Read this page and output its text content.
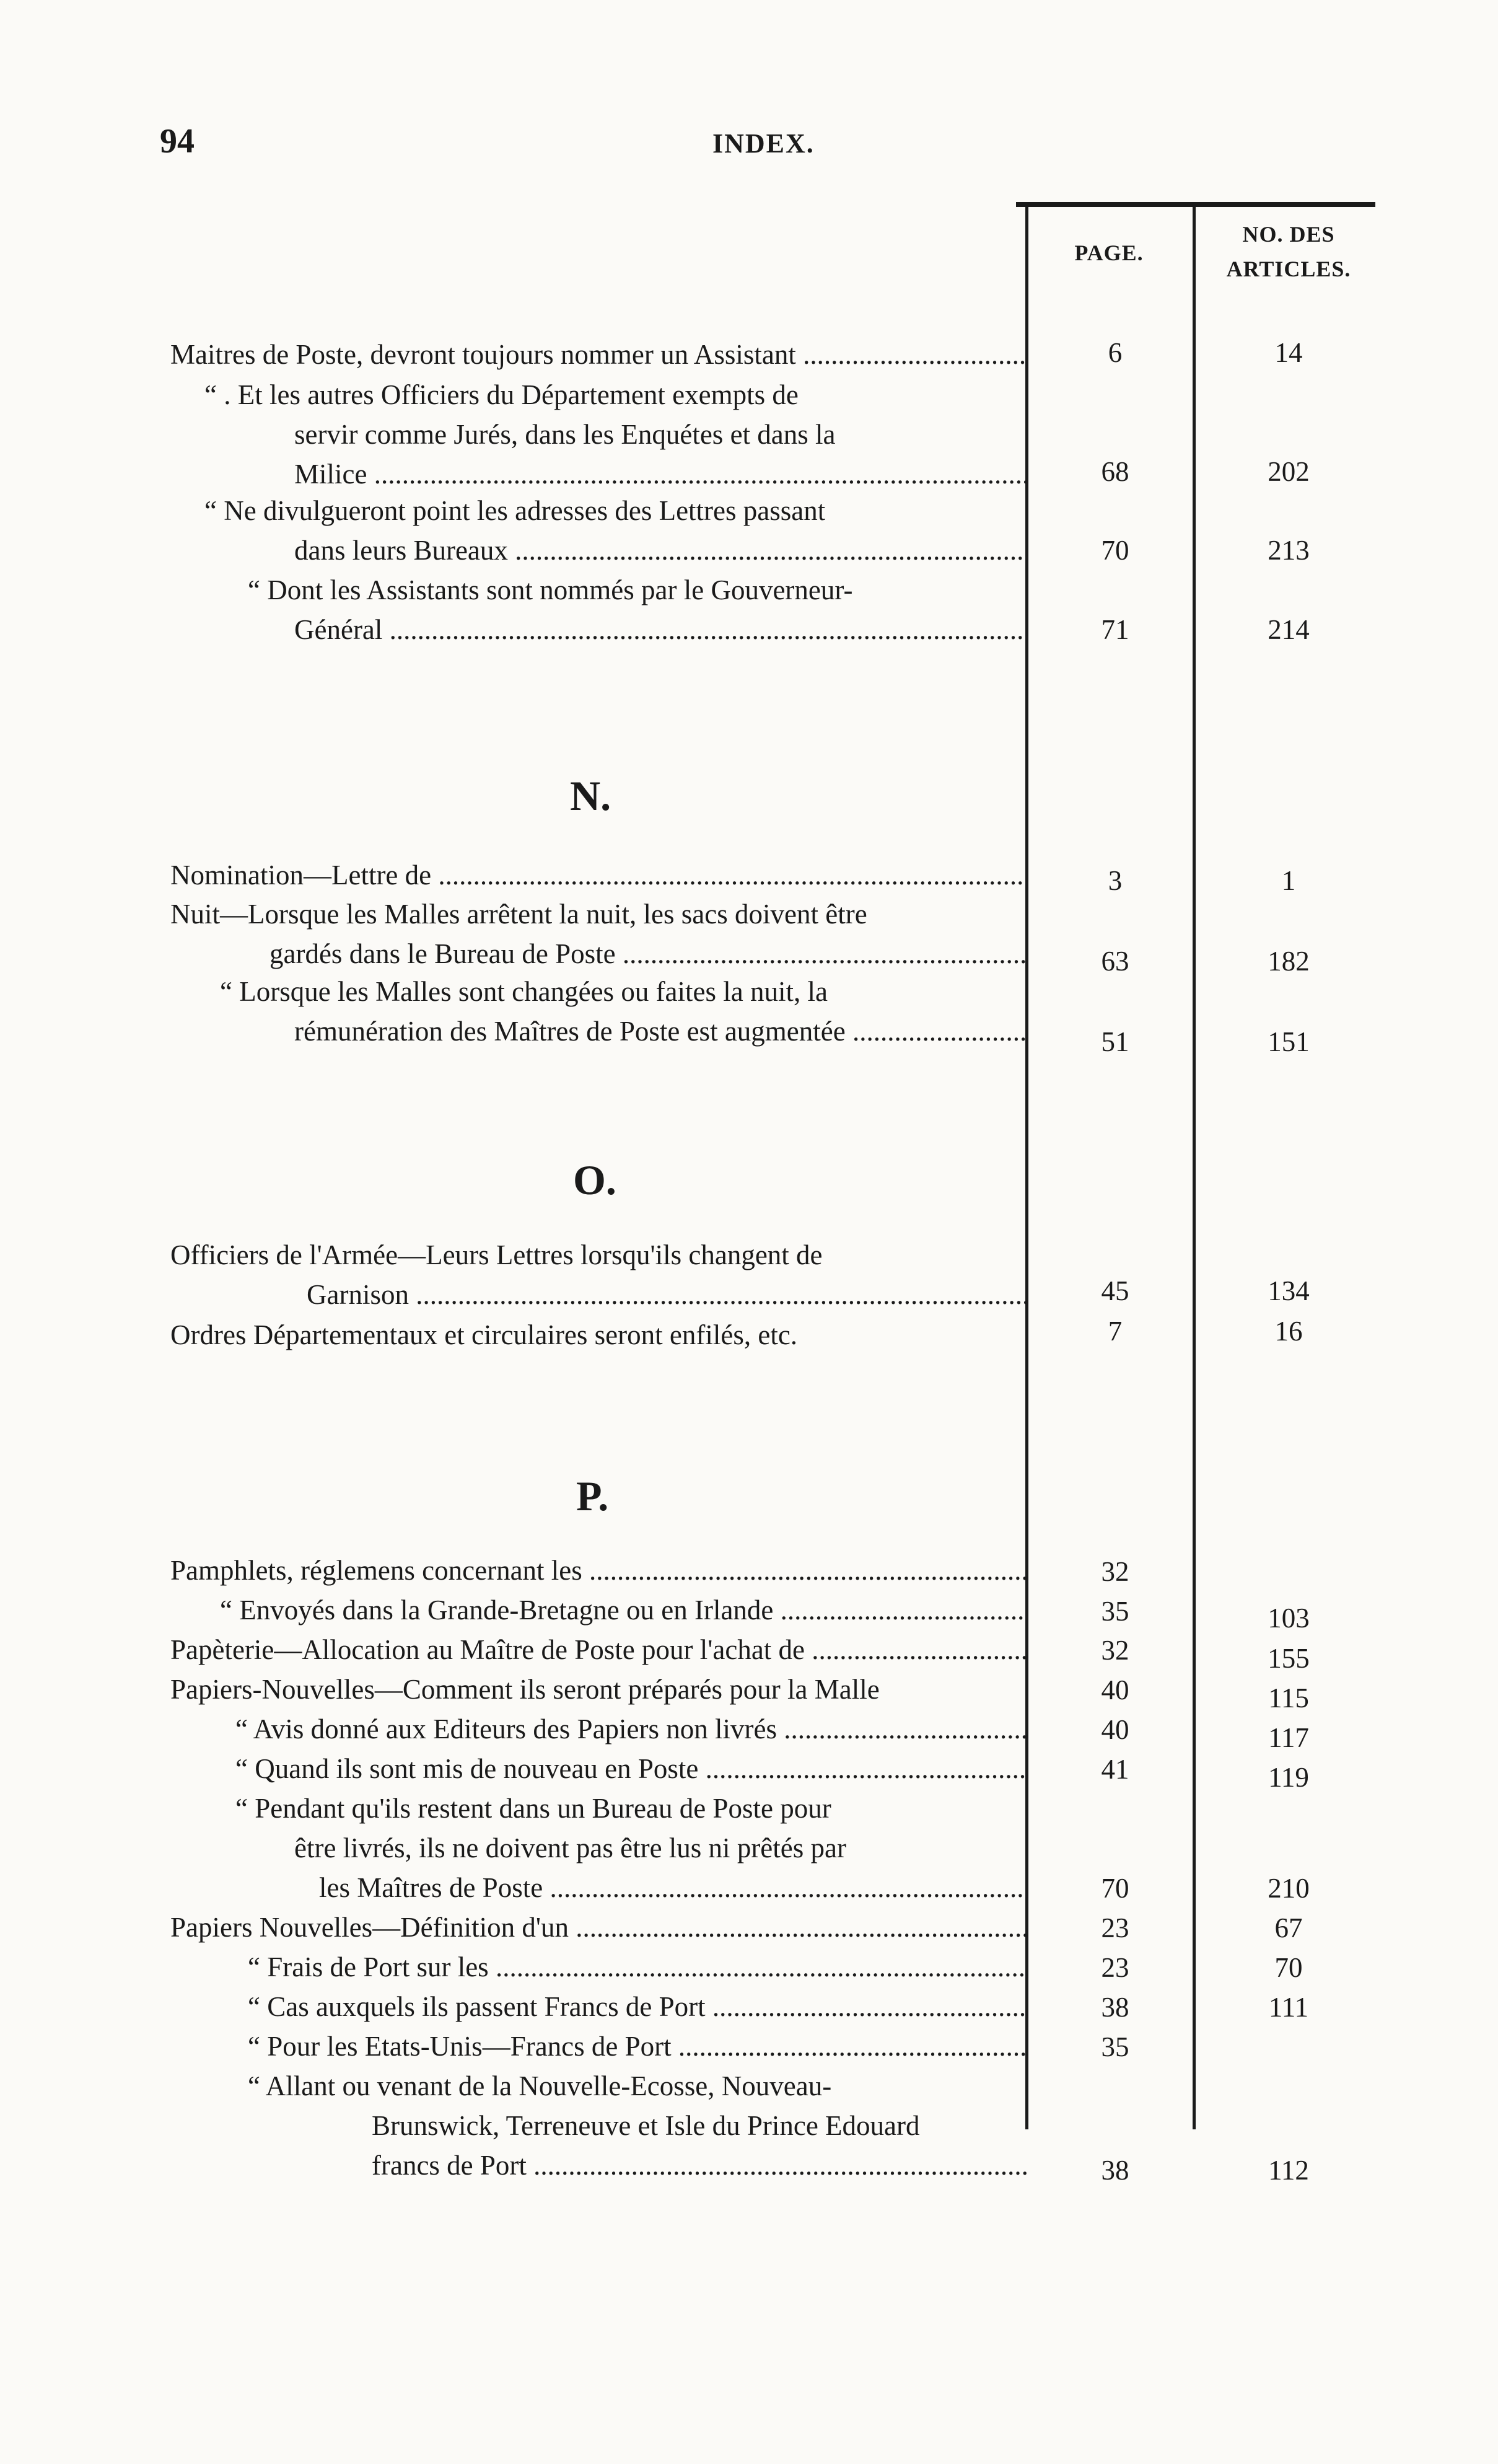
94	INDEX.
PAGE.
NO. DES
ARTICLES.
Maitres de Poste, devront toujours nommer un Assistant .....	6	14
“ . Et les autres Officiers du Département exempts de
servir comme Jurés, dans les Enquétes et dans la
Milice .....	68	202
“ Ne divulgueront point les adresses des Lettres passant
dans leurs Bureaux .....	70	213
“ Dont les Assistants sont nommés par le Gouverneur-
Général .....	71	214
N.
Nomination—Lettre de .....	3	1
Nuit—Lorsque les Malles arrêtent la nuit, les sacs doivent être
gardés dans le Bureau de Poste .....	63	182
“ Lorsque les Malles sont changées ou faites la nuit, la
rémunération des Maîtres de Poste est augmentée .....	51	151
O.
Officiers de l'Armée—Leurs Lettres lorsqu'ils changent de
Garnison .....	45	134
Ordres Départementaux et circulaires seront enfilés, etc.	7	16
P.
Pamphlets, réglemens concernant les .....	32
“ Envoyés dans la Grande-Bretagne ou en Irlande .....	35	103
Papèterie—Allocation au Maître de Poste pour l'achat de .....	32	155
Papiers-Nouvelles—Comment ils seront préparés pour la Malle	40	115
“ Avis donné aux Editeurs des Papiers non livrés .....	40	117
“ Quand ils sont mis de nouveau en Poste .....	41	119
“ Pendant qu'ils restent dans un Bureau de Poste pour
être livrés, ils ne doivent pas être lus ni prêtés par
les Maîtres de Poste .....	70	210
Papiers Nouvelles—Définition d'un .....	23	67
“ Frais de Port sur les .....	23	70
“ Cas auxquels ils passent Francs de Port .....	38	111
“ Pour les Etats-Unis—Francs de Port .....	35
“ Allant ou venant de la Nouvelle-Ecosse, Nouveau-
Brunswick, Terreneuve et Isle du Prince Edouard
francs de Port .....	38	112
